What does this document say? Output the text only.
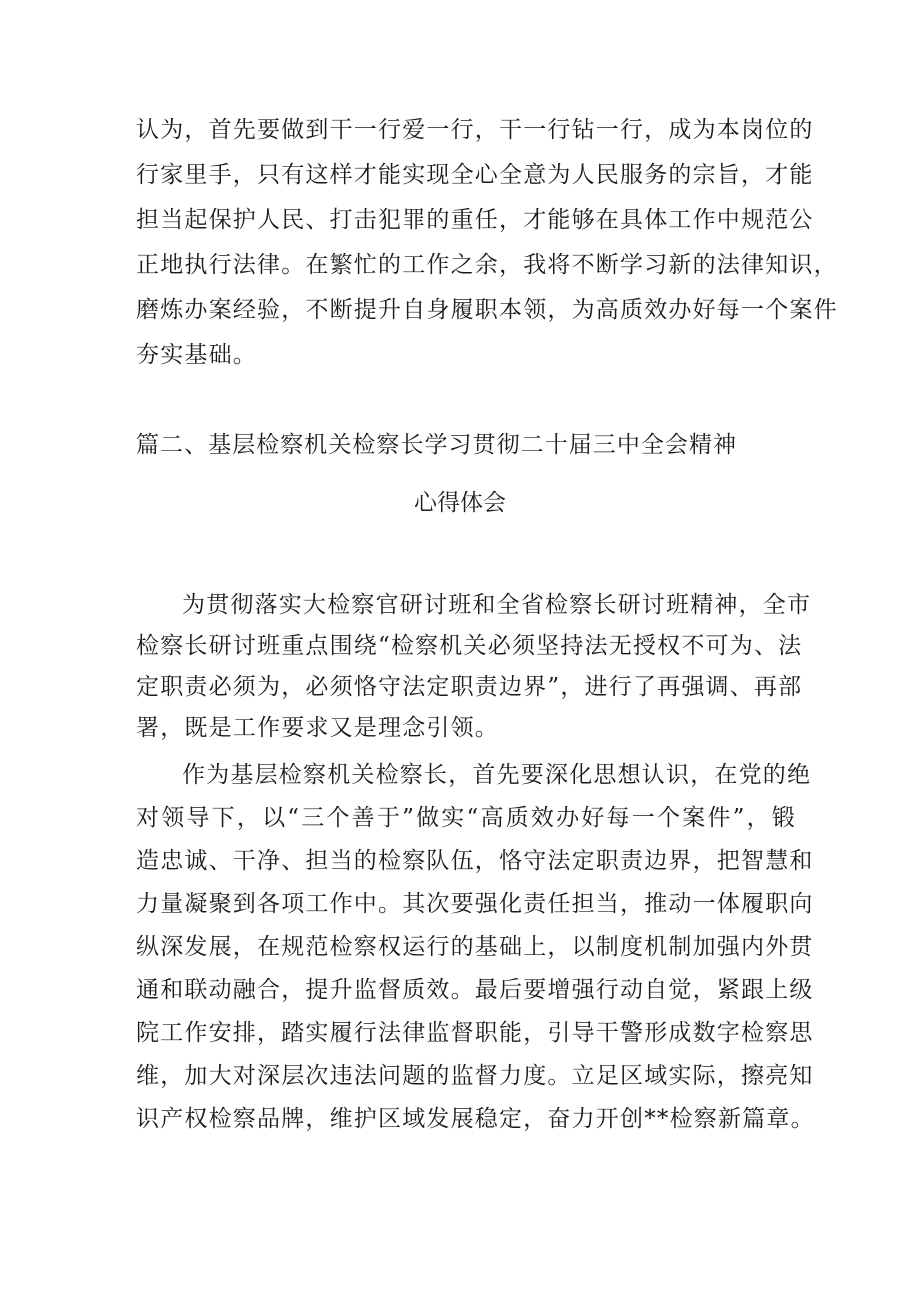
认为，首先要做到干一行爱一行，干一行钻一行，成为本岗位的
行家里手，只有这样才能实现全心全意为人民服务的宗旨，才能
担当起保护人民、打击犯罪的重任，才能够在具体工作中规范公
正地执行法律。在繁忙的工作之余，我将不断学习新的法律知识，
磨炼办案经验，不断提升自身履职本领，为高质效办好每一个案件
夯实基础。
篇二、基层检察机关检察长学习贯彻二十届三中全会精神
心得体会
为贯彻落实大检察官研讨班和全省检察长研讨班精神，全市
检察长研讨班重点围绕“检察机关必须坚持法无授权不可为、法
定职责必须为，必须恪守法定职责边界”，进行了再强调、再部
署，既是工作要求又是理念引领。
作为基层检察机关检察长，首先要深化思想认识，在党的绝
对领导下，以“三个善于”做实“高质效办好每一个案件”，锻
造忠诚、干净、担当的检察队伍，恪守法定职责边界，把智慧和
力量凝聚到各项工作中。其次要强化责任担当，推动一体履职向
纵深发展，在规范检察权运行的基础上，以制度机制加强内外贯
通和联动融合，提升监督质效。最后要增强行动自觉，紧跟上级
院工作安排，踏实履行法律监督职能，引导干警形成数字检察思
维，加大对深层次违法问题的监督力度。立足区域实际，擦亮知
识产权检察品牌，维护区域发展稳定，奋力开创**检察新篇章。
